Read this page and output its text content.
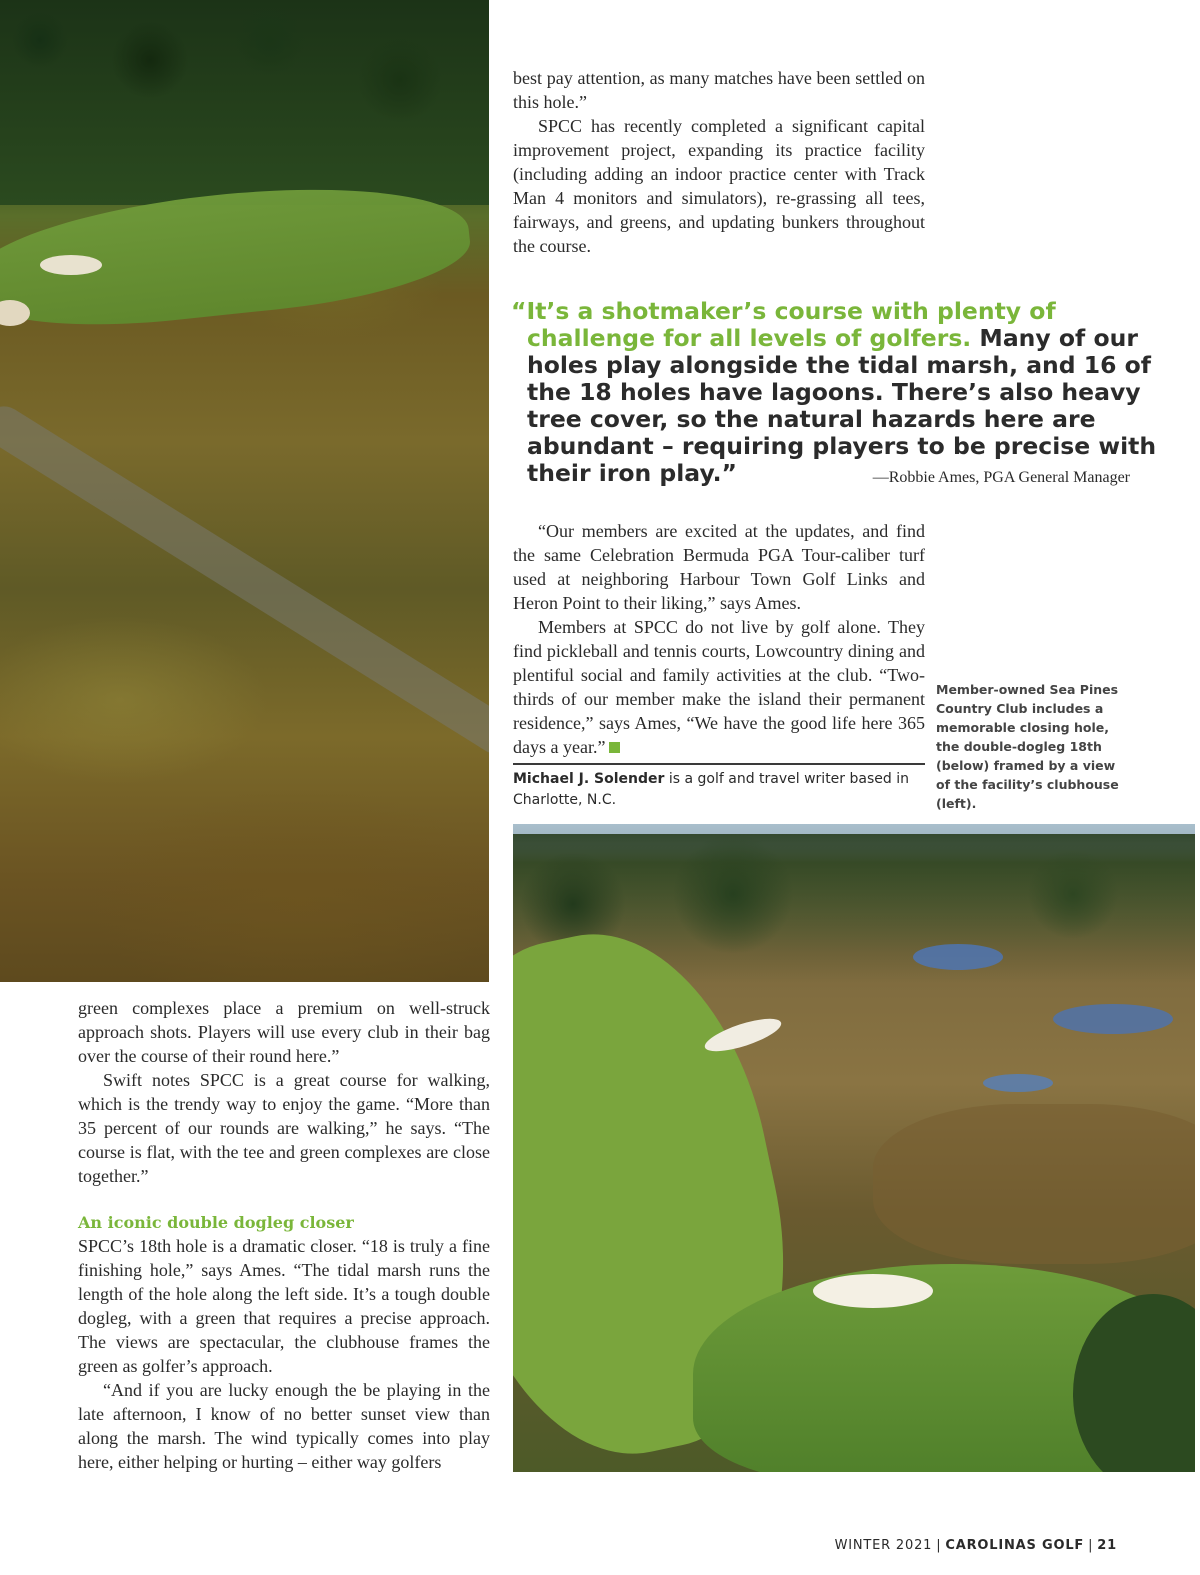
best pay attention, as many matches have been settled on this hole.”

SPCC has recently completed a significant capital improvement project, expanding its practice facility (including adding an indoor practice center with Track Man 4 monitors and simulators), re-grassing all tees, fairways, and greens, and updating bunkers throughout the course.

“It’s a shotmaker’s course with plenty of challenge for all levels of golfers. Many of our holes play alongside the tidal marsh, and 16 of the 18 holes have lagoons. There’s also heavy tree cover, so the natural hazards here are abundant – requiring players to be precise with their iron play.”	—Robbie Ames, PGA General Manager

“Our members are excited at the updates, and find the same Celebration Bermuda PGA Tour-caliber turf used at neighboring Harbour Town Golf Links and Heron Point to their liking,” says Ames.

Members at SPCC do not live by golf alone. They find pickleball and tennis courts, Lowcountry dining and plentiful social and family activities at the club. “Two-thirds of our member make the island their permanent residence,” says Ames, “We have the good life here 365 days a year.”

Michael J. Solender is a golf and travel writer based in Charlotte, N.C.

Member-owned Sea Pines Country Club includes a memorable closing hole, the double-dogleg 18th (below) framed by a view of the facility’s clubhouse (left).

green complexes place a premium on well-struck approach shots. Players will use every club in their bag over the course of their round here.”

Swift notes SPCC is a great course for walking, which is the trendy way to enjoy the game. “More than 35 percent of our rounds are walking,” he says. “The course is flat, with the tee and green complexes are close together.”

An iconic double dogleg closer

SPCC’s 18th hole is a dramatic closer. “18 is truly a fine finishing hole,” says Ames. “The tidal marsh runs the length of the hole along the left side. It’s a tough double dogleg, with a green that requires a precise approach. The views are spectacular, the clubhouse frames the green as golfer’s approach.

“And if you are lucky enough the be playing in the late afternoon, I know of no better sunset view than along the marsh. The wind typically comes into play here, either helping or hurting – either way golfers

WINTER 2021 | CAROLINAS GOLF | 21
